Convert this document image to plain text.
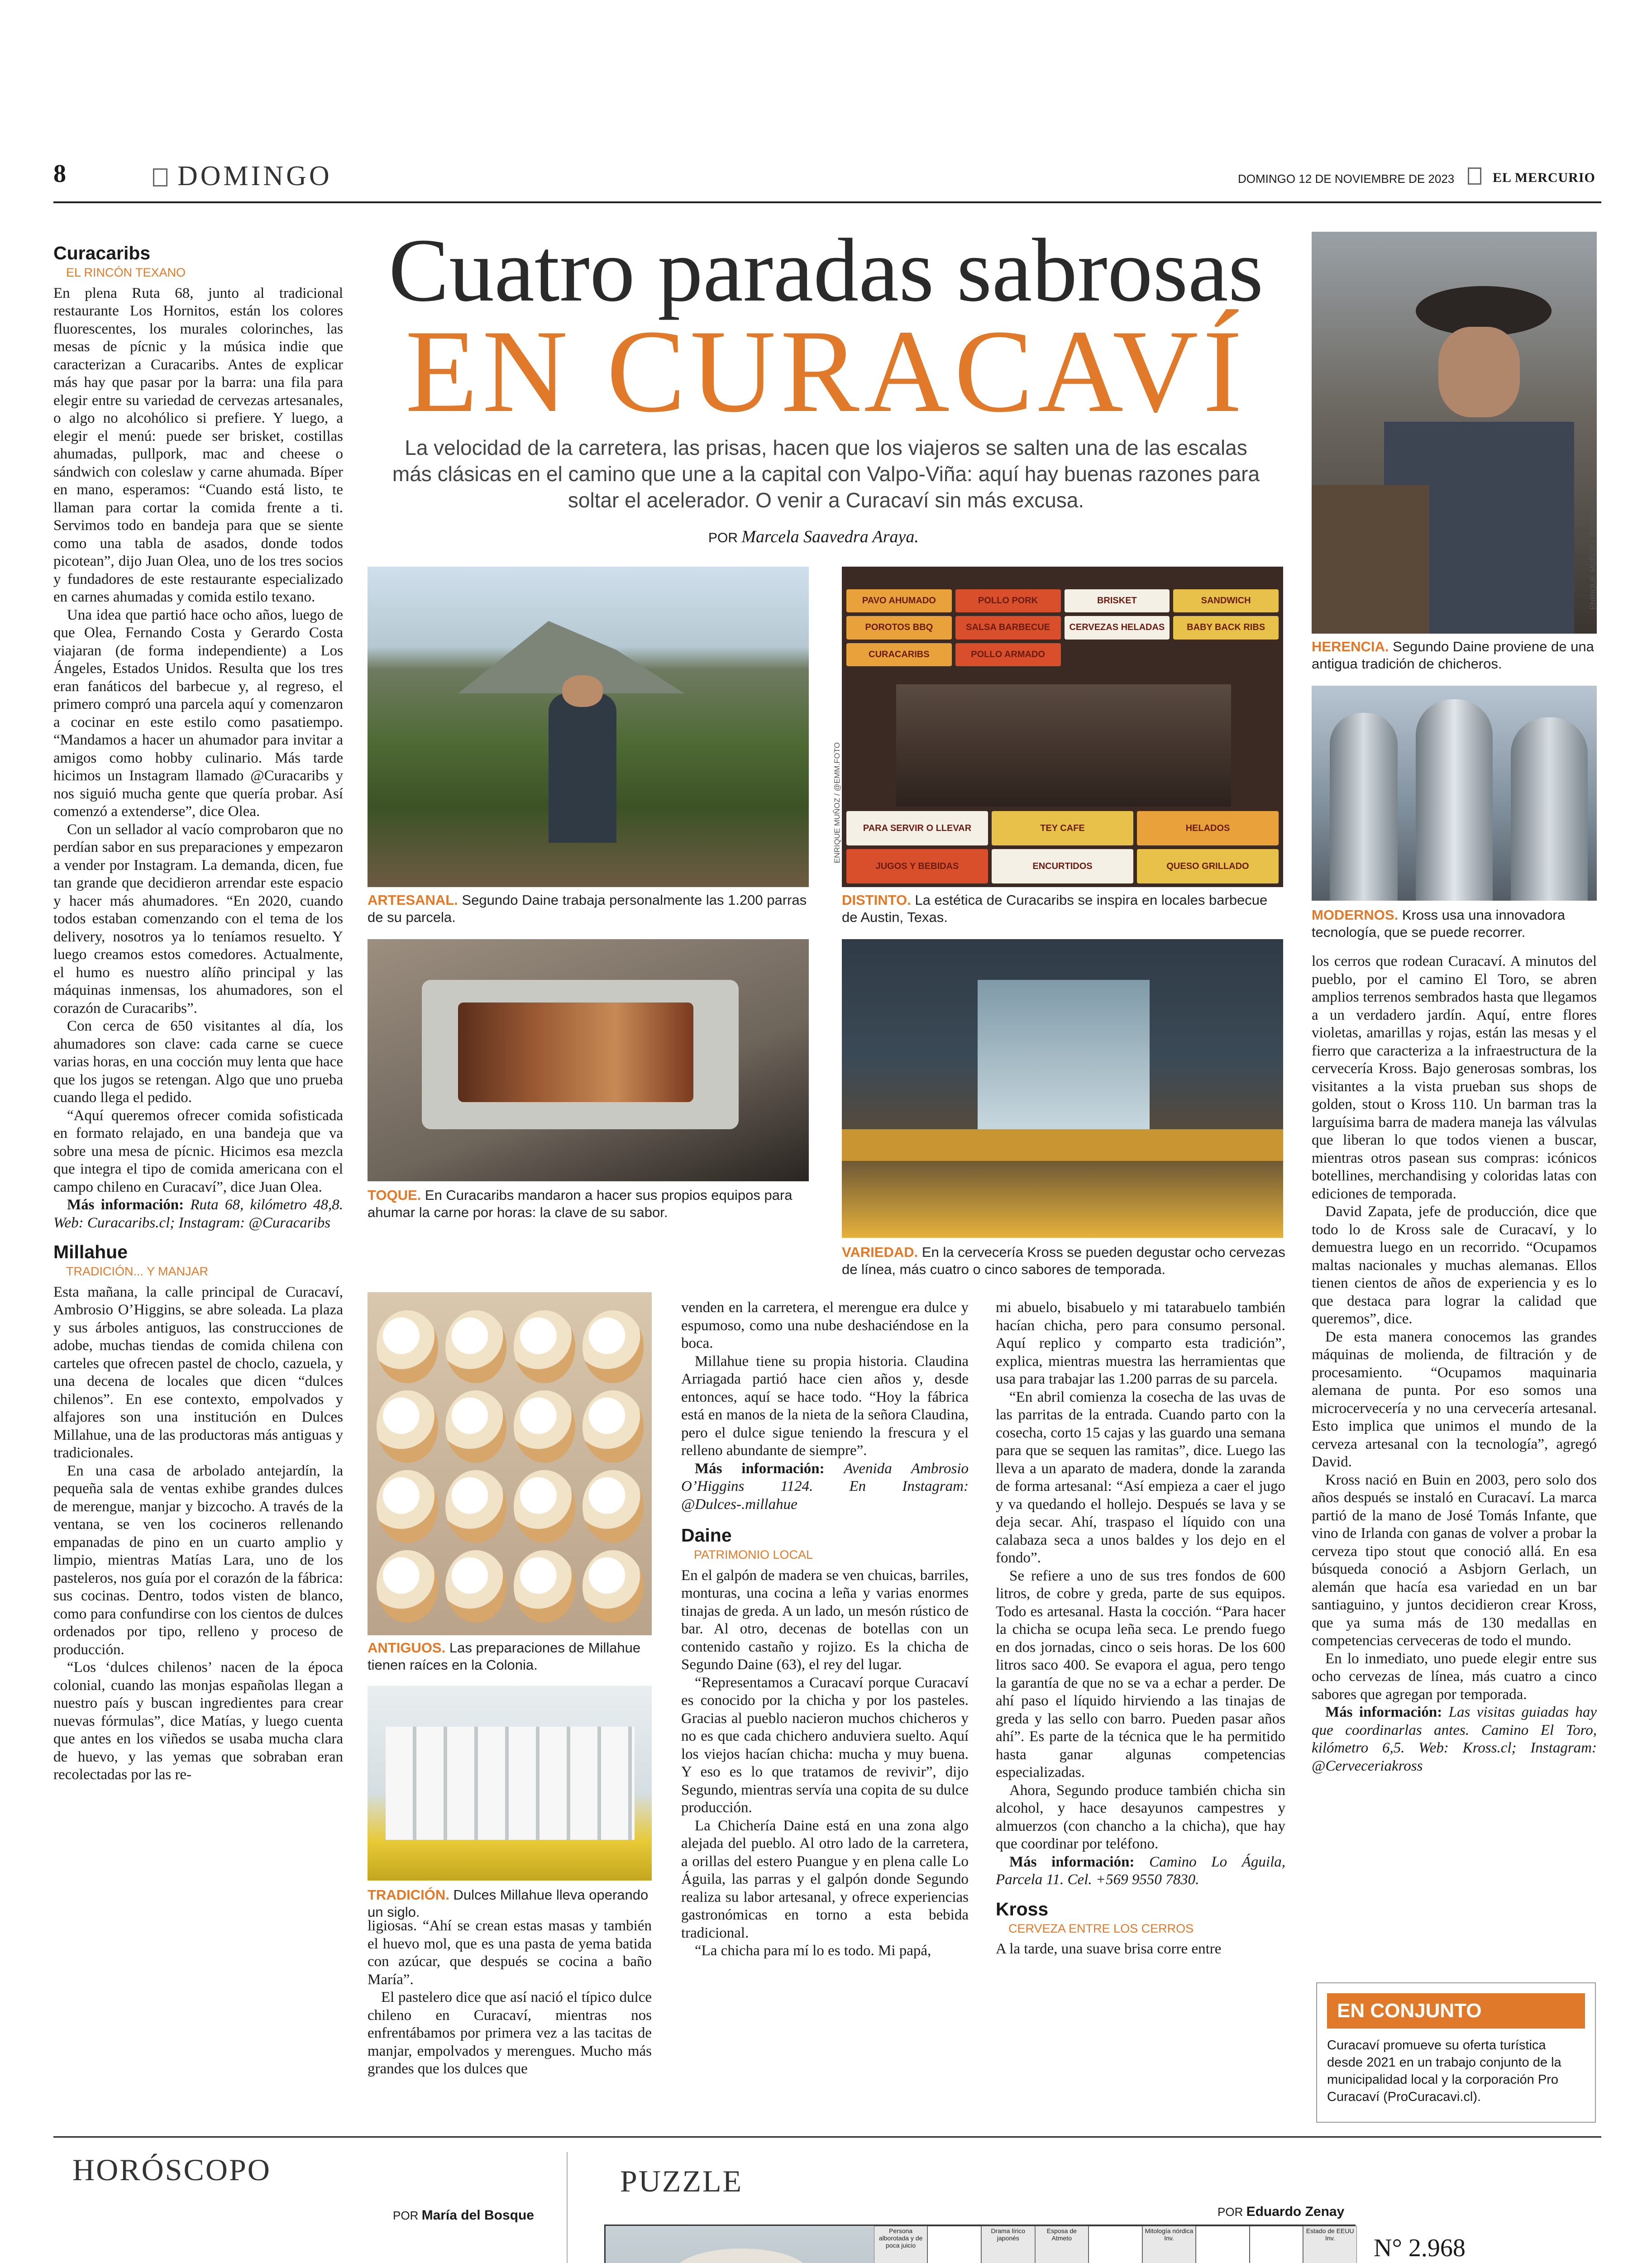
8	DOMINGO	DOMINGO 12 DE NOVIEMBRE DE 2023	EL MERCURIO
Cuatro paradas sabrosas
EN CURACAVÍ
La velocidad de la carretera, las prisas, hacen que los viajeros se salten una de las escalas más clásicas en el camino que une a la capital con Valpo-Viña: aquí hay buenas razones para soltar el acelerador. O venir a Curacaví sin más excusa.
POR Marcela Saavedra Araya.	ENRIQUE MUÑOZ / @EMM.FOTO
HERENCIA. Segundo Daine proviene de una antigua tradición de chicheros.
MODERNOS. Kross usa una innovadora tecnología, que se puede recorrer.
ARTESANAL. Segundo Daine trabaja personalmente las 1.200 parras de su parcela.
PAVO AHUMADO	POLLO PORK	BRISKET	SANDWICH
POROTOS BBQ	SALSA BARBECUE	CERVEZAS HELADAS	BABY BACK RIBS
CURACARIBS	POLLO ARMADO
PARA SERVIR O LLEVAR	TEY CAFE	HELADOS
JUGOS Y BEBIDAS	ENCURTIDOS	QUESO GRILLADO
ENRIQUE MUÑOZ / @EMM.FOTO
DISTINTO. La estética de Curacaribs se inspira en locales barbecue de Austin, Texas.
TOQUE. En Curacaribs mandaron a hacer sus propios equipos para ahumar la carne por horas: la clave de su sabor.
VARIEDAD. En la cervecería Kross se pueden degustar ocho cervezas de línea, más cuatro o cinco sabores de temporada.
ANTIGUOS. Las preparaciones de Millahue tienen raíces en la Colonia.
TRADICIÓN. Dulces Millahue lleva operando un siglo.
Curacaribs
EL RINCÓN TEXANO

En plena Ruta 68, junto al tradicional restaurante Los Hornitos, están los colores fluorescentes, los murales colorinches, las mesas de pícnic y la música indie que caracterizan a Curacaribs. Antes de explicar más hay que pasar por la barra: una fila para elegir entre su variedad de cervezas artesanales, o algo no alcohólico si prefiere. Y luego, a elegir el menú: puede ser brisket, costillas ahumadas, pullpork, mac and cheese o sándwich con coleslaw y carne ahumada. Bíper en mano, esperamos: “Cuando está listo, te llaman para cortar la comida frente a ti. Servimos todo en bandeja para que se siente como una tabla de asados, donde todos picotean”, dijo Juan Olea, uno de los tres socios y fundadores de este restaurante especializado en carnes ahumadas y comida estilo texano.

Una idea que partió hace ocho años, luego de que Olea, Fernando Costa y Gerardo Costa viajaran (de forma independiente) a Los Ángeles, Estados Unidos. Resulta que los tres eran fanáticos del barbecue y, al regreso, el primero compró una parcela aquí y comenzaron a cocinar en este estilo como pasatiempo. “Mandamos a hacer un ahumador para invitar a amigos como hobby culinario. Más tarde hicimos un Instagram llamado @Curacaribs y nos siguió mucha gente que quería probar. Así comenzó a extenderse”, dice Olea.

Con un sellador al vacío comprobaron que no perdían sabor en sus preparaciones y empezaron a vender por Instagram. La demanda, dicen, fue tan grande que decidieron arrendar este espacio y hacer más ahumadores. “En 2020, cuando todos estaban comenzando con el tema de los delivery, nosotros ya lo teníamos resuelto. Y luego creamos estos comedores. Actualmente, el humo es nuestro alíño principal y las máquinas inmensas, los ahumadores, son el corazón de Curacaribs”.

Con cerca de 650 visitantes al día, los ahumadores son clave: cada carne se cuece varias horas, en una cocción muy lenta que hace que los jugos se retengan. Algo que uno prueba cuando llega el pedido.

“Aquí queremos ofrecer comida sofisticada en formato relajado, en una bandeja que va sobre una mesa de pícnic. Hicimos esa mezcla que integra el tipo de comida americana con el campo chileno en Curacaví”, dice Juan Olea.

Más información: Ruta 68, kilómetro 48,8. Web: Curacaribs.cl; Instagram: @Curacaribs

Millahue
TRADICIÓN... Y MANJAR

Esta mañana, la calle principal de Curacaví, Ambrosio O’Higgins, se abre soleada. La plaza y sus árboles antiguos, las construcciones de adobe, muchas tiendas de comida chilena con carteles que ofrecen pastel de choclo, cazuela, y una decena de locales que dicen “dulces chilenos”. En ese contexto, empolvados y alfajores son una institución en Dulces Millahue, una de las productoras más antiguas y tradicionales.

En una casa de arbolado antejardín, la pequeña sala de ventas exhibe grandes dulces de merengue, manjar y bizcocho. A través de la ventana, se ven los cocineros rellenando empanadas de pino en un cuarto amplio y limpio, mientras Matías Lara, uno de los pasteleros, nos guía por el corazón de la fábrica: sus cocinas. Dentro, todos visten de blanco, como para confundirse con los cientos de dulces ordenados por tipo, relleno y proceso de producción.

“Los ‘dulces chilenos’ nacen de la época colonial, cuando las monjas españolas llegan a nuestro país y buscan ingredientes para crear nuevas fórmulas”, dice Matías, y luego cuenta que antes en los viñedos se usaba mucha clara de huevo, y las yemas que sobraban eran recolectadas por las re-

ligiosas. “Ahí se crean estas masas y también el huevo mol, que es una pasta de yema batida con azúcar, que después se cocina a baño María”.

El pastelero dice que así nació el típico dulce chileno en Curacaví, mientras nos enfrentábamos por primera vez a las tacitas de manjar, empolvados y merengues. Mucho más grandes que los dulces que

venden en la carretera, el merengue era dulce y espumoso, como una nube deshaciéndose en la boca.

Millahue tiene su propia historia. Claudina Arriagada partió hace cien años y, desde entonces, aquí se hace todo. “Hoy la fábrica está en manos de la nieta de la señora Claudina, pero el dulce sigue teniendo la frescura y el relleno abundante de siempre”.

Más información: Avenida Ambrosio O’Higgins 1124. En Instagram: @Dulces-.millahue

Daine
PATRIMONIO LOCAL

En el galpón de madera se ven chuicas, barriles, monturas, una cocina a leña y varias enormes tinajas de greda. A un lado, un mesón rústico de bar. Al otro, decenas de botellas con un contenido castaño y rojizo. Es la chicha de Segundo Daine (63), el rey del lugar.

“Representamos a Curacaví porque Curacaví es conocido por la chicha y por los pasteles. Gracias al pueblo nacieron muchos chicheros y no es que cada chichero anduviera suelto. Aquí los viejos hacían chicha: mucha y muy buena. Y eso es lo que tratamos de revivir”, dijo Segundo, mientras servía una copita de su dulce producción.

La Chichería Daine está en una zona algo alejada del pueblo. Al otro lado de la carretera, a orillas del estero Puangue y en plena calle Lo Águila, las parras y el galpón donde Segundo realiza su labor artesanal, y ofrece experiencias gastronómicas en torno a esta bebida tradicional.

“La chicha para mí lo es todo. Mi papá,

mi abuelo, bisabuelo y mi tatarabuelo también hacían chicha, pero para consumo personal. Aquí replico y comparto esta tradición”, explica, mientras muestra las herramientas que usa para trabajar las 1.200 parras de su parcela.

“En abril comienza la cosecha de las uvas de las parritas de la entrada. Cuando parto con la cosecha, corto 15 cajas y las guardo una semana para que se sequen las ramitas”, dice. Luego las lleva a un aparato de madera, donde la zaranda de forma artesanal: “Así empieza a caer el jugo y va quedando el hollejo. Después se lava y se deja secar. Ahí, traspaso el líquido con una calabaza seca a unos baldes y los dejo en el fondo”.

Se refiere a uno de sus tres fondos de 600 litros, de cobre y greda, parte de sus equipos. Todo es artesanal. Hasta la cocción. “Para hacer la chicha se ocupa leña seca. Le prendo fuego en dos jornadas, cinco o seis horas. De los 600 litros saco 400. Se evapora el agua, pero tengo la garantía de que no se va a echar a perder. De ahí paso el líquido hirviendo a las tinajas de greda y las sello con barro. Pueden pasar años ahí”. Es parte de la técnica que le ha permitido hasta ganar algunas competencias especializadas.

Ahora, Segundo produce también chicha sin alcohol, y hace desayunos campestres y almuerzos (con chancho a la chicha), que hay que coordinar por teléfono.

Más información: Camino Lo Águila, Parcela 11. Cel. +569 9550 7830.

Kross
CERVEZA ENTRE LOS CERROS

A la tarde, una suave brisa corre entre

los cerros que rodean Curacaví. A minutos del pueblo, por el camino El Toro, se abren amplios terrenos sembrados hasta que llegamos a un verdadero jardín. Aquí, entre flores violetas, amarillas y rojas, están las mesas y el fierro que caracteriza a la infraestructura de la cervecería Kross. Bajo generosas sombras, los visitantes a la vista prueban sus shops de golden, stout o Kross 110. Un barman tras la larguísima barra de madera maneja las válvulas que liberan lo que todos vienen a buscar, mientras otros pasean sus compras: icónicos botellines, merchandising y coloridas latas con ediciones de temporada.

David Zapata, jefe de producción, dice que todo lo de Kross sale de Curacaví, y lo demuestra luego en un recorrido. “Ocupamos maltas nacionales y muchas alemanas. Ellos tienen cientos de años de experiencia y es lo que destaca para lograr la calidad que queremos”, dice.

De esta manera conocemos las grandes máquinas de molienda, de filtración y de procesamiento. “Ocupamos maquinaria alemana de punta. Por eso somos una microcervecería y no una cervecería artesanal. Esto implica que unimos el mundo de la cerveza artesanal con la tecnología”, agregó David.

Kross nació en Buin en 2003, pero solo dos años después se instaló en Curacaví. La marca partió de la mano de José Tomás Infante, que vino de Irlanda con ganas de volver a probar la cerveza tipo stout que conoció allá. En esa búsqueda conoció a Asbjorn Gerlach, un alemán que hacía esa variedad en un bar santiaguino, y juntos decidieron crear Kross, que ya suma más de 130 medallas en competencias cerveceras de todo el mundo.

En lo inmediato, uno puede elegir entre sus ocho cervezas de línea, más cuatro a cinco sabores que agregan por temporada.

Más información: Las visitas guiadas hay que coordinarlas antes. Camino El Toro, kilómetro 6,5. Web: Kross.cl; Instagram: @Cerveceriakross

EN CONJUNTO
Curacaví promueve su oferta turística desde 2021 en un trabajo conjunto de la municipalidad local y la corporación Pro Curacaví (ProCuracavi.cl).
HORÓSCOPO
POR María del Bosque
PUZZLE
POR Eduardo Zenay
Persona alborotada y de poca juicio
Drama lírico japonés
Esposa de Atmeto
Mitología nórdica Inv.
Estado de EEUU Inv.	N° 2.968
